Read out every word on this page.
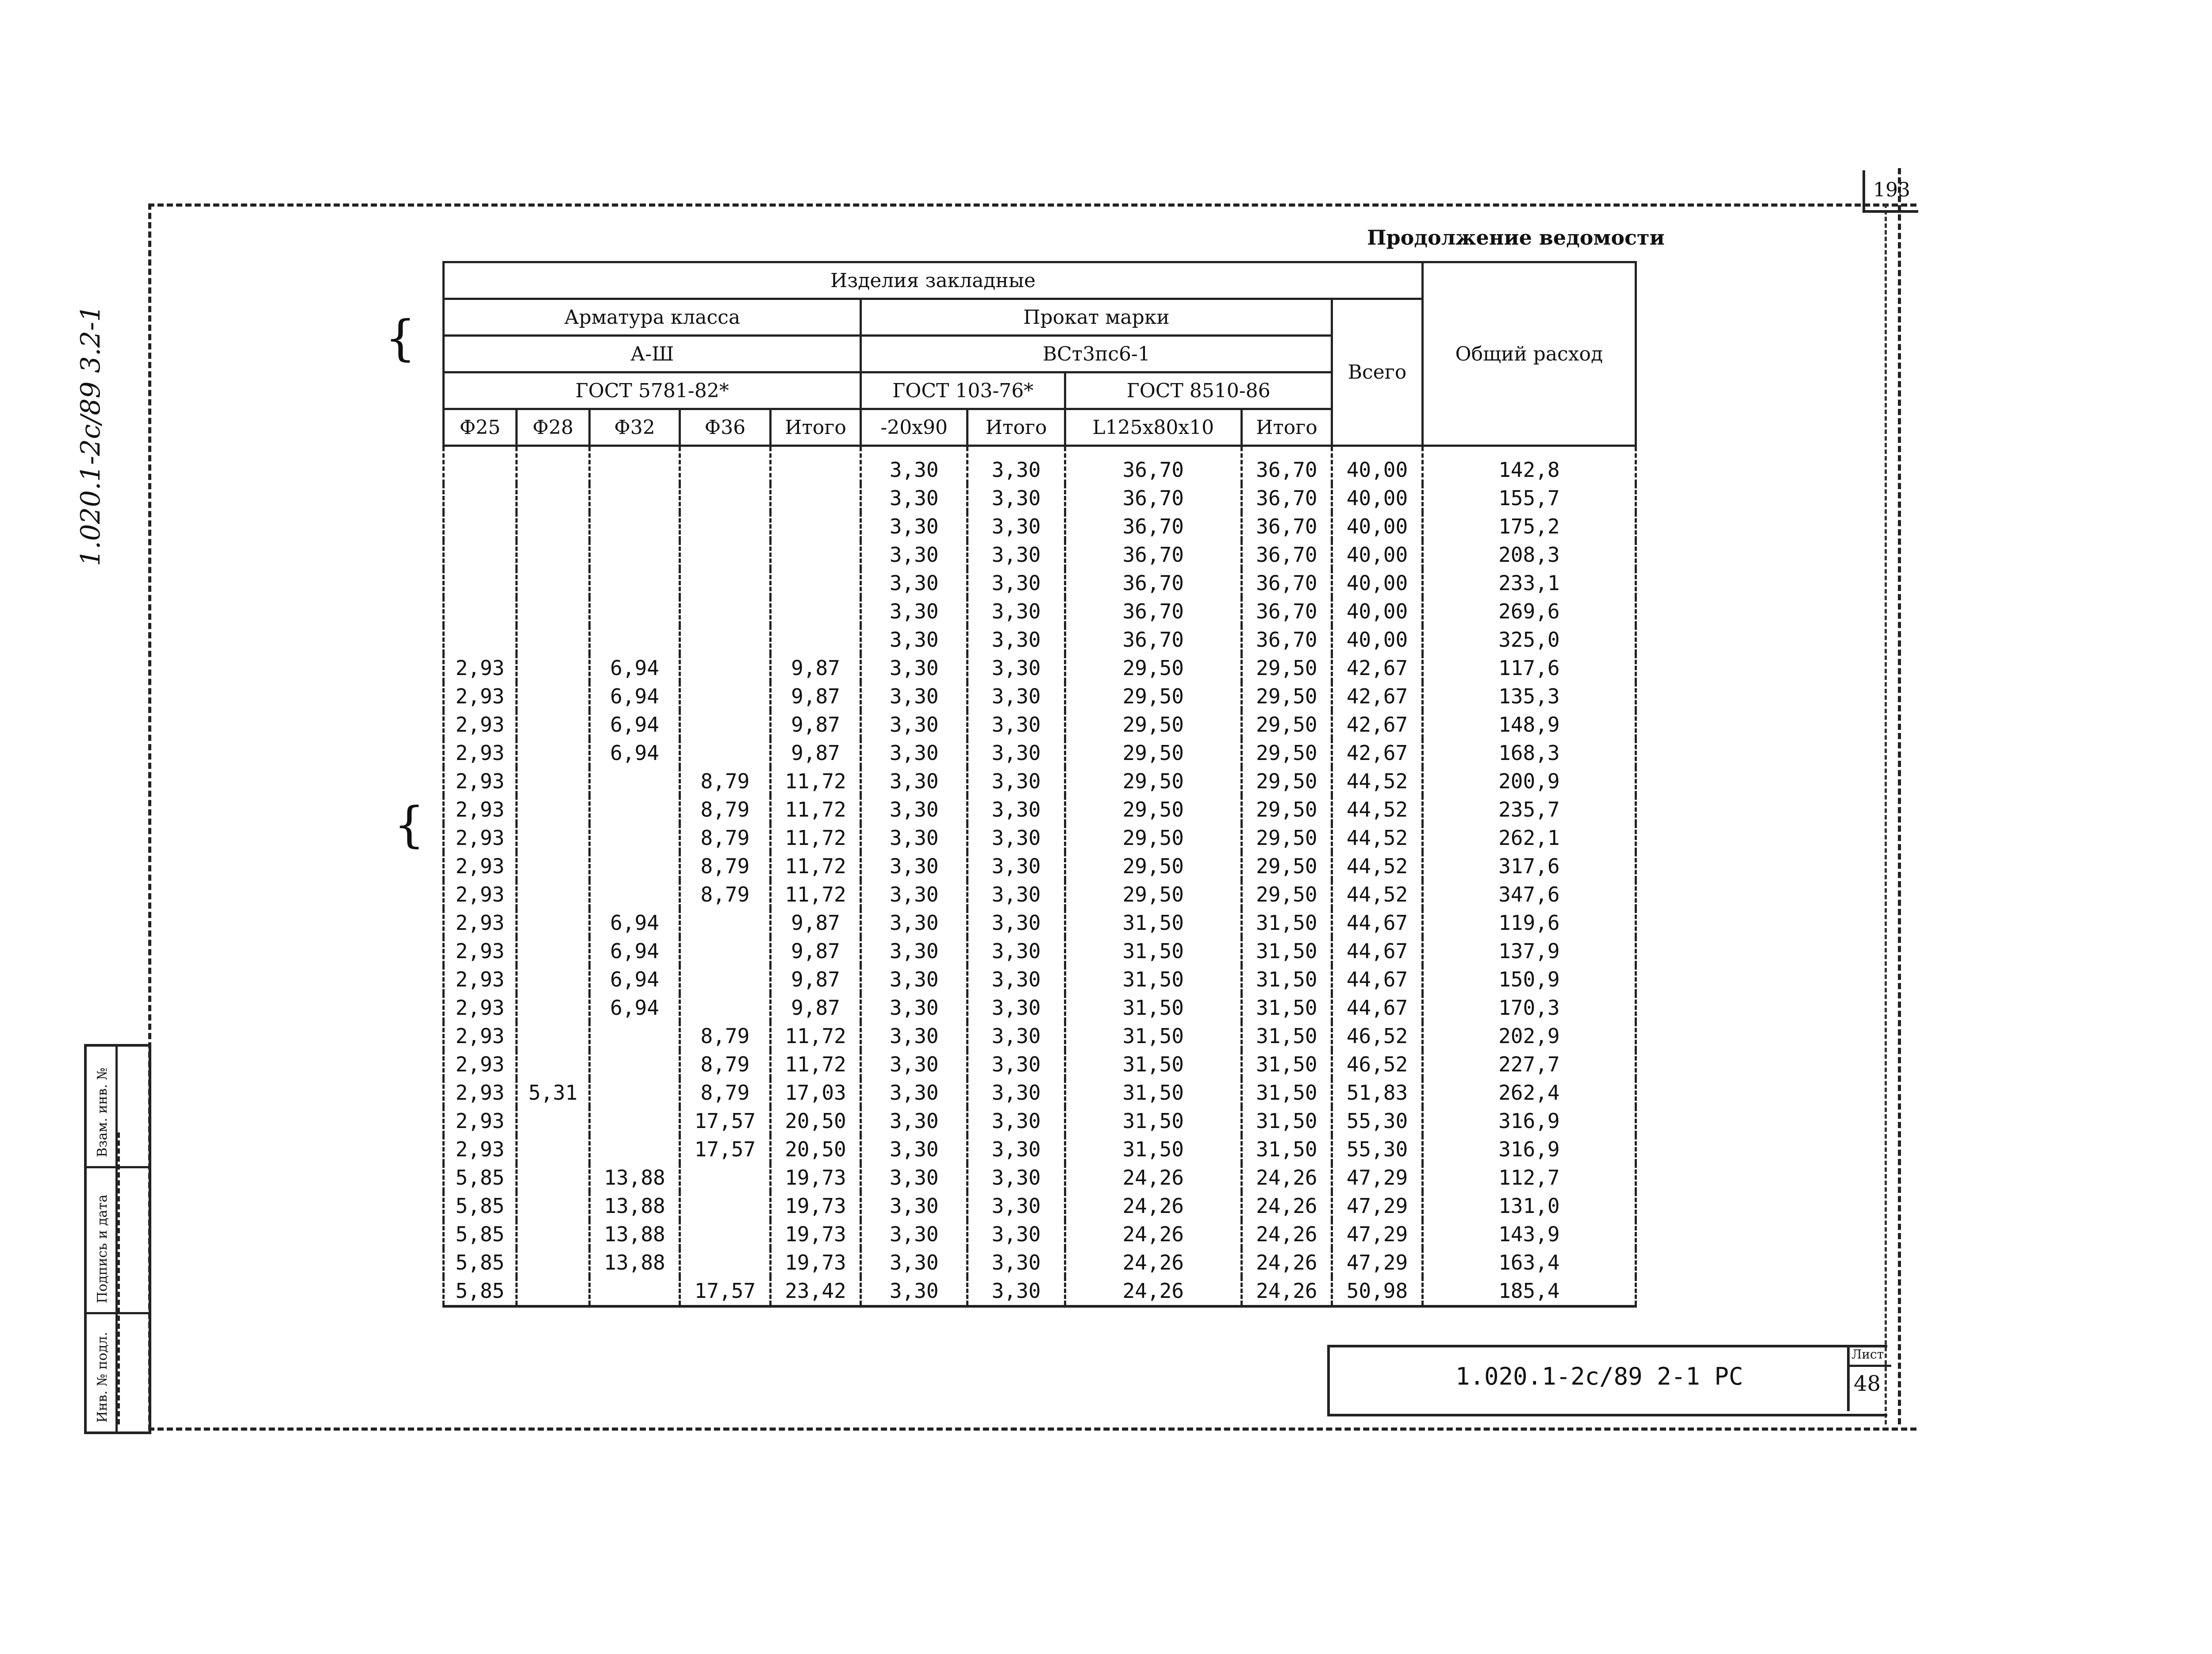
193
Продолжение ведомости
1.020.1-2с/89 3.2-1	{
{
Изделия закладные										Общий расход
Арматура класса					Прокат марки				Всего	
А-Ш					ВСт3пс6-1					
ГОСТ 5781-82*					ГОСТ 103-76*		ГОСТ 8510-86			
Ф25	Ф28	Ф32	Ф36	Итого	-20х90	Итого	L125х80х10	Итого		
					3,30	3,30	36,70	36,70	40,00	142,8
					3,30	3,30	36,70	36,70	40,00	155,7
					3,30	3,30	36,70	36,70	40,00	175,2
					3,30	3,30	36,70	36,70	40,00	208,3
					3,30	3,30	36,70	36,70	40,00	233,1
					3,30	3,30	36,70	36,70	40,00	269,6
					3,30	3,30	36,70	36,70	40,00	325,0
2,93		6,94		9,87	3,30	3,30	29,50	29,50	42,67	117,6
2,93		6,94		9,87	3,30	3,30	29,50	29,50	42,67	135,3
2,93		6,94		9,87	3,30	3,30	29,50	29,50	42,67	148,9
2,93		6,94		9,87	3,30	3,30	29,50	29,50	42,67	168,3
2,93			8,79	11,72	3,30	3,30	29,50	29,50	44,52	200,9
2,93			8,79	11,72	3,30	3,30	29,50	29,50	44,52	235,7
2,93			8,79	11,72	3,30	3,30	29,50	29,50	44,52	262,1
2,93			8,79	11,72	3,30	3,30	29,50	29,50	44,52	317,6
2,93			8,79	11,72	3,30	3,30	29,50	29,50	44,52	347,6
2,93		6,94		9,87	3,30	3,30	31,50	31,50	44,67	119,6
2,93		6,94		9,87	3,30	3,30	31,50	31,50	44,67	137,9
2,93		6,94		9,87	3,30	3,30	31,50	31,50	44,67	150,9
2,93		6,94		9,87	3,30	3,30	31,50	31,50	44,67	170,3
2,93			8,79	11,72	3,30	3,30	31,50	31,50	46,52	202,9
2,93			8,79	11,72	3,30	3,30	31,50	31,50	46,52	227,7
2,93	5,31		8,79	17,03	3,30	3,30	31,50	31,50	51,83	262,4
2,93			17,57	20,50	3,30	3,30	31,50	31,50	55,30	316,9
2,93			17,57	20,50	3,30	3,30	31,50	31,50	55,30	316,9
5,85		13,88		19,73	3,30	3,30	24,26	24,26	47,29	112,7
5,85		13,88		19,73	3,30	3,30	24,26	24,26	47,29	131,0
5,85		13,88		19,73	3,30	3,30	24,26	24,26	47,29	143,9
5,85		13,88		19,73	3,30	3,30	24,26	24,26	47,29	163,4
5,85			17,57	23,42	3,30	3,30	24,26	24,26	50,98	185,4
1.020.1-2с/89 2-1 РС
Лист
48
Инв. № подл.
Подпись и дата
Взам. инв. №
